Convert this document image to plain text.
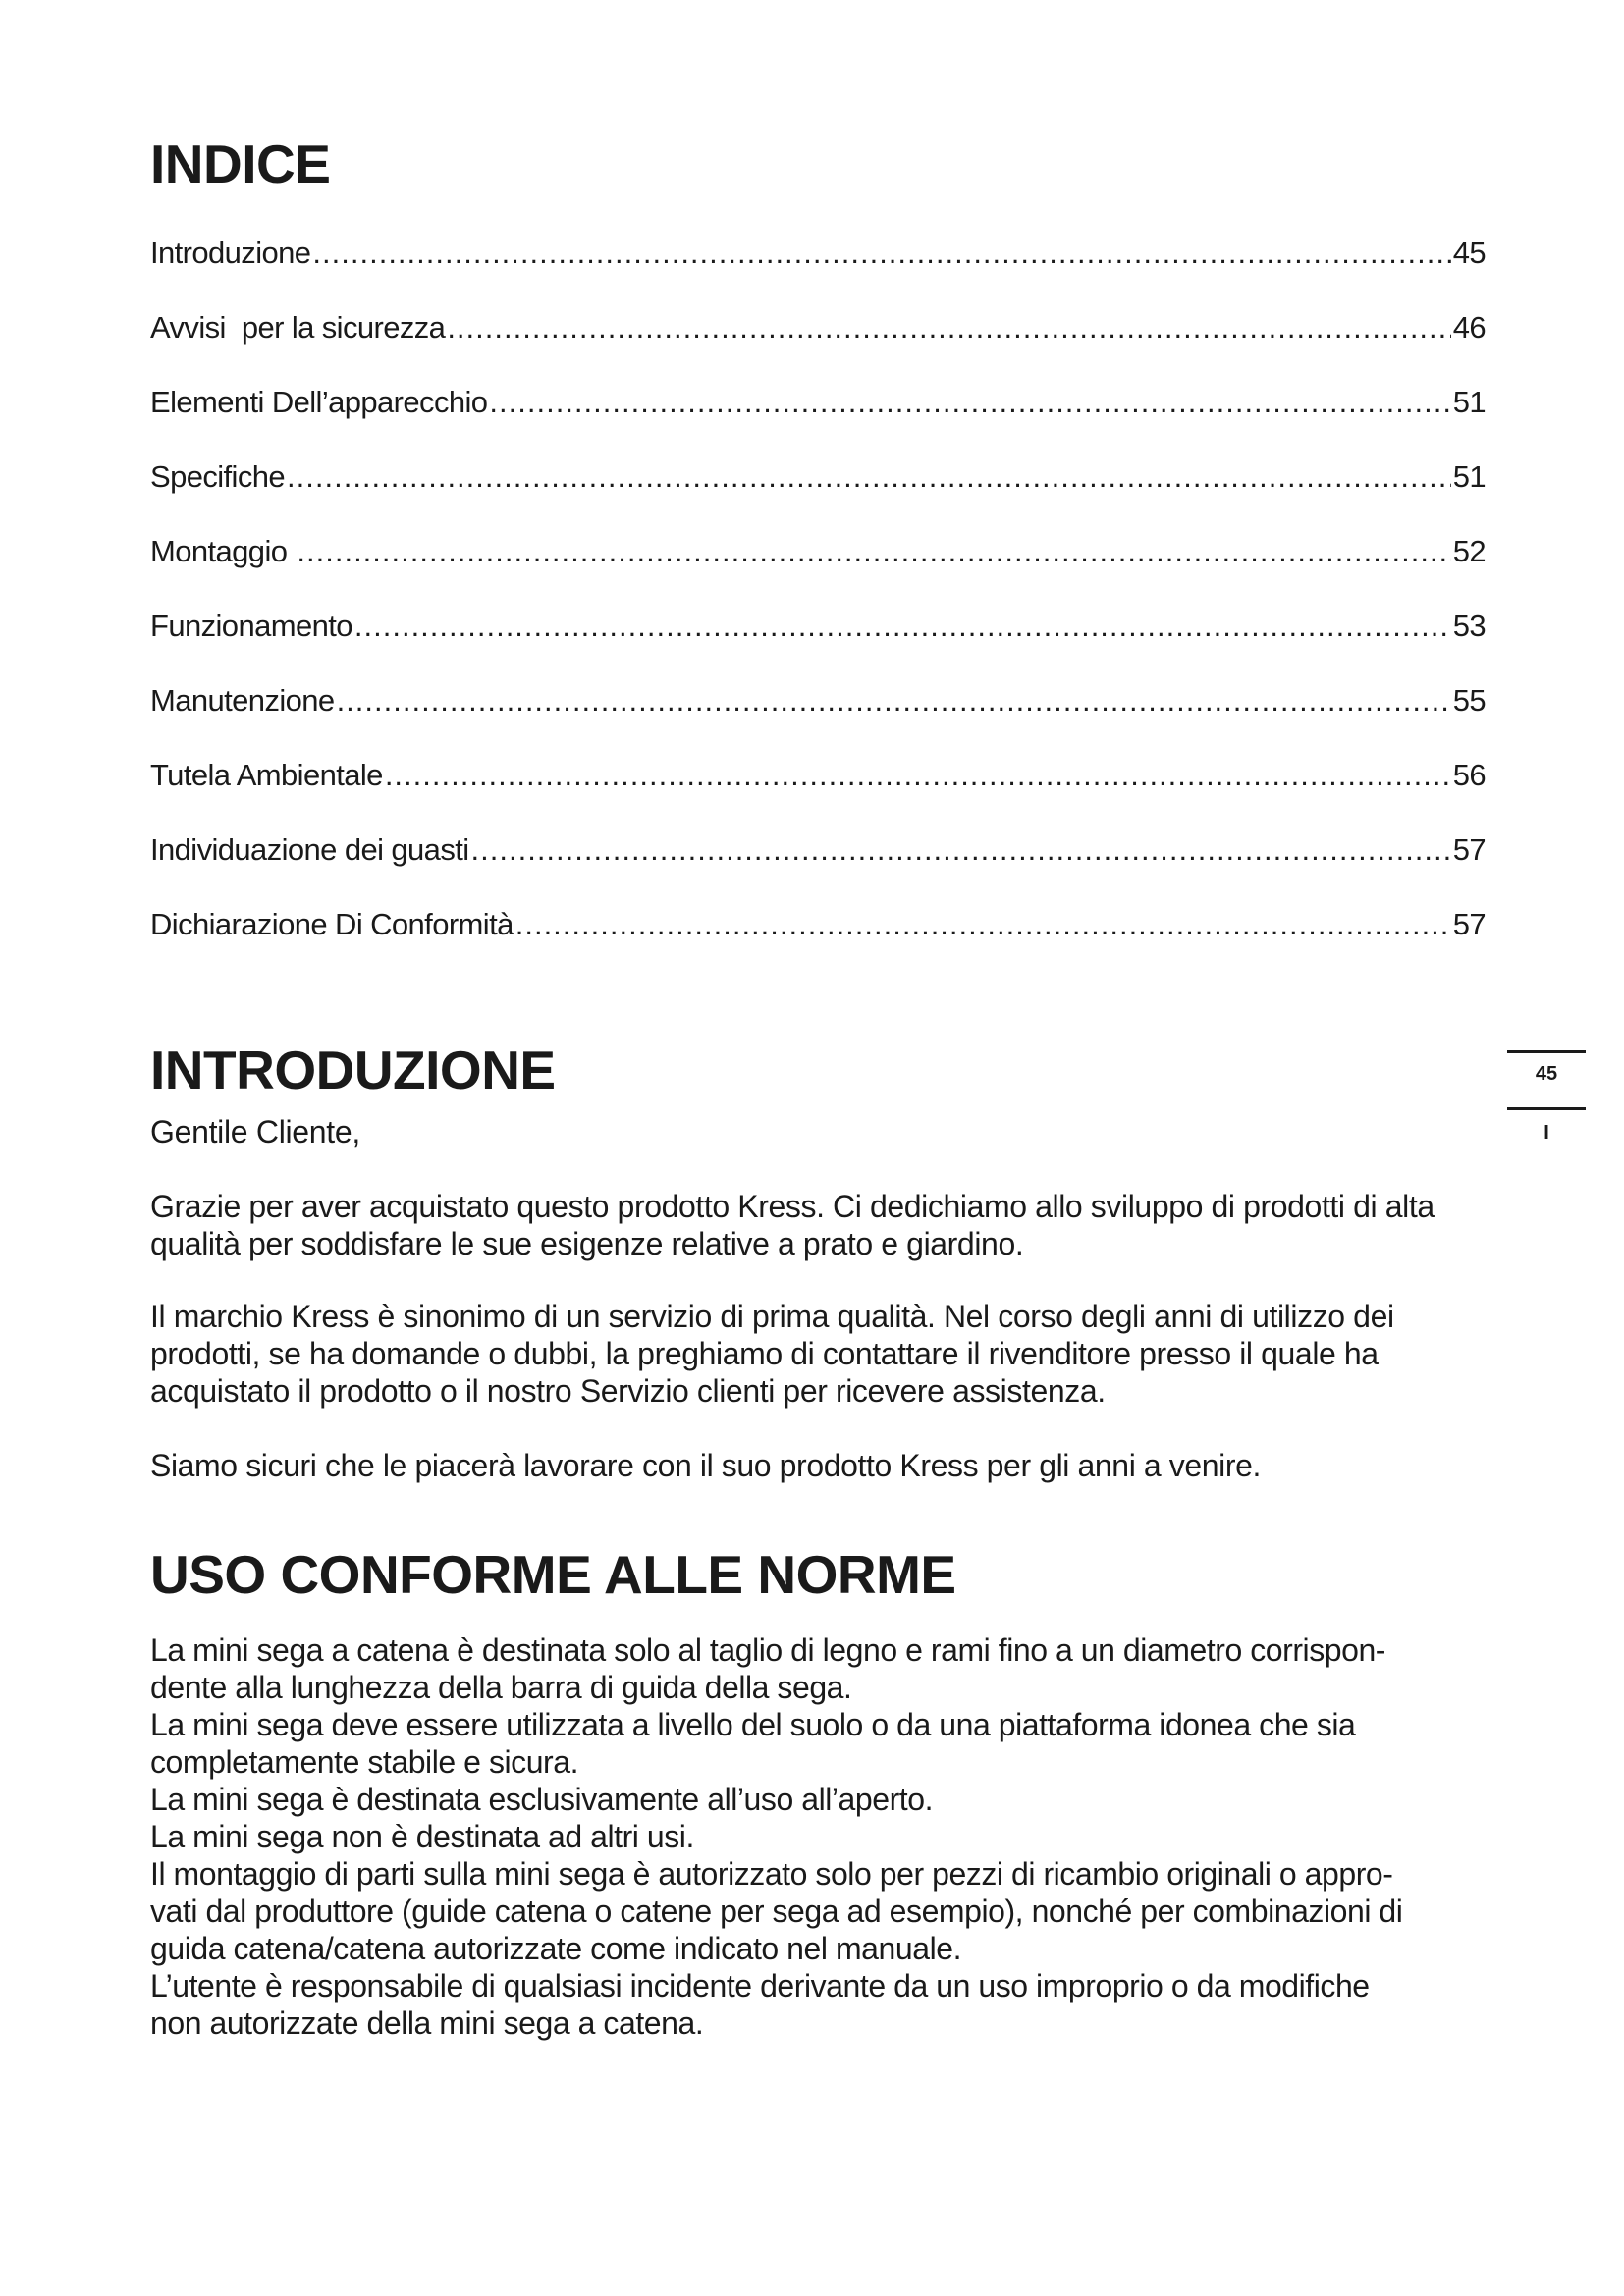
INDICE
Introduzione .....	45
Avvisi  per la sicurezza .....	46
Elementi Dell’apparecchio .....	51
Specifiche .....	51
Montaggio .....	52
Funzionamento .....	53
Manutenzione .....	55
Tutela Ambientale .....	56
Individuazione dei guasti .....	57
Dichiarazione Di Conformità .....	57
INTRODUZIONE

Gentile Cliente,

Grazie per aver acquistato questo prodotto Kress. Ci dedichiamo allo sviluppo di prodotti di alta qualità per soddisfare le sue esigenze relative a prato e giardino.

Il marchio Kress è sinonimo di un servizio di prima qualità. Nel corso degli anni di utilizzo dei prodotti, se ha domande o dubbi, la preghiamo di contattare il rivenditore presso il quale ha acquistato il prodotto o il nostro Servizio clienti per ricevere assistenza.

Siamo sicuri che le piacerà lavorare con il suo prodotto Kress per gli anni a venire.

USO CONFORME ALLE NORME
La mini sega a catena è destinata solo al taglio di legno e rami fino a un diametro corrispon-
dente alla lunghezza della barra di guida della sega.
La mini sega deve essere utilizzata a livello del suolo o da una piattaforma idonea che sia
completamente stabile e sicura.
La mini sega è destinata esclusivamente all’uso all’aperto.
La mini sega non è destinata ad altri usi.
Il montaggio di parti sulla mini sega è autorizzato solo per pezzi di ricambio originali o appro-
vati dal produttore (guide catena o catene per sega ad esempio), nonché per combinazioni di
guida catena/catena autorizzate come indicato nel manuale.
L’utente è responsabile di qualsiasi incidente derivante da un uso improprio o da modifiche
non autorizzate della mini sega a catena.
45
I
